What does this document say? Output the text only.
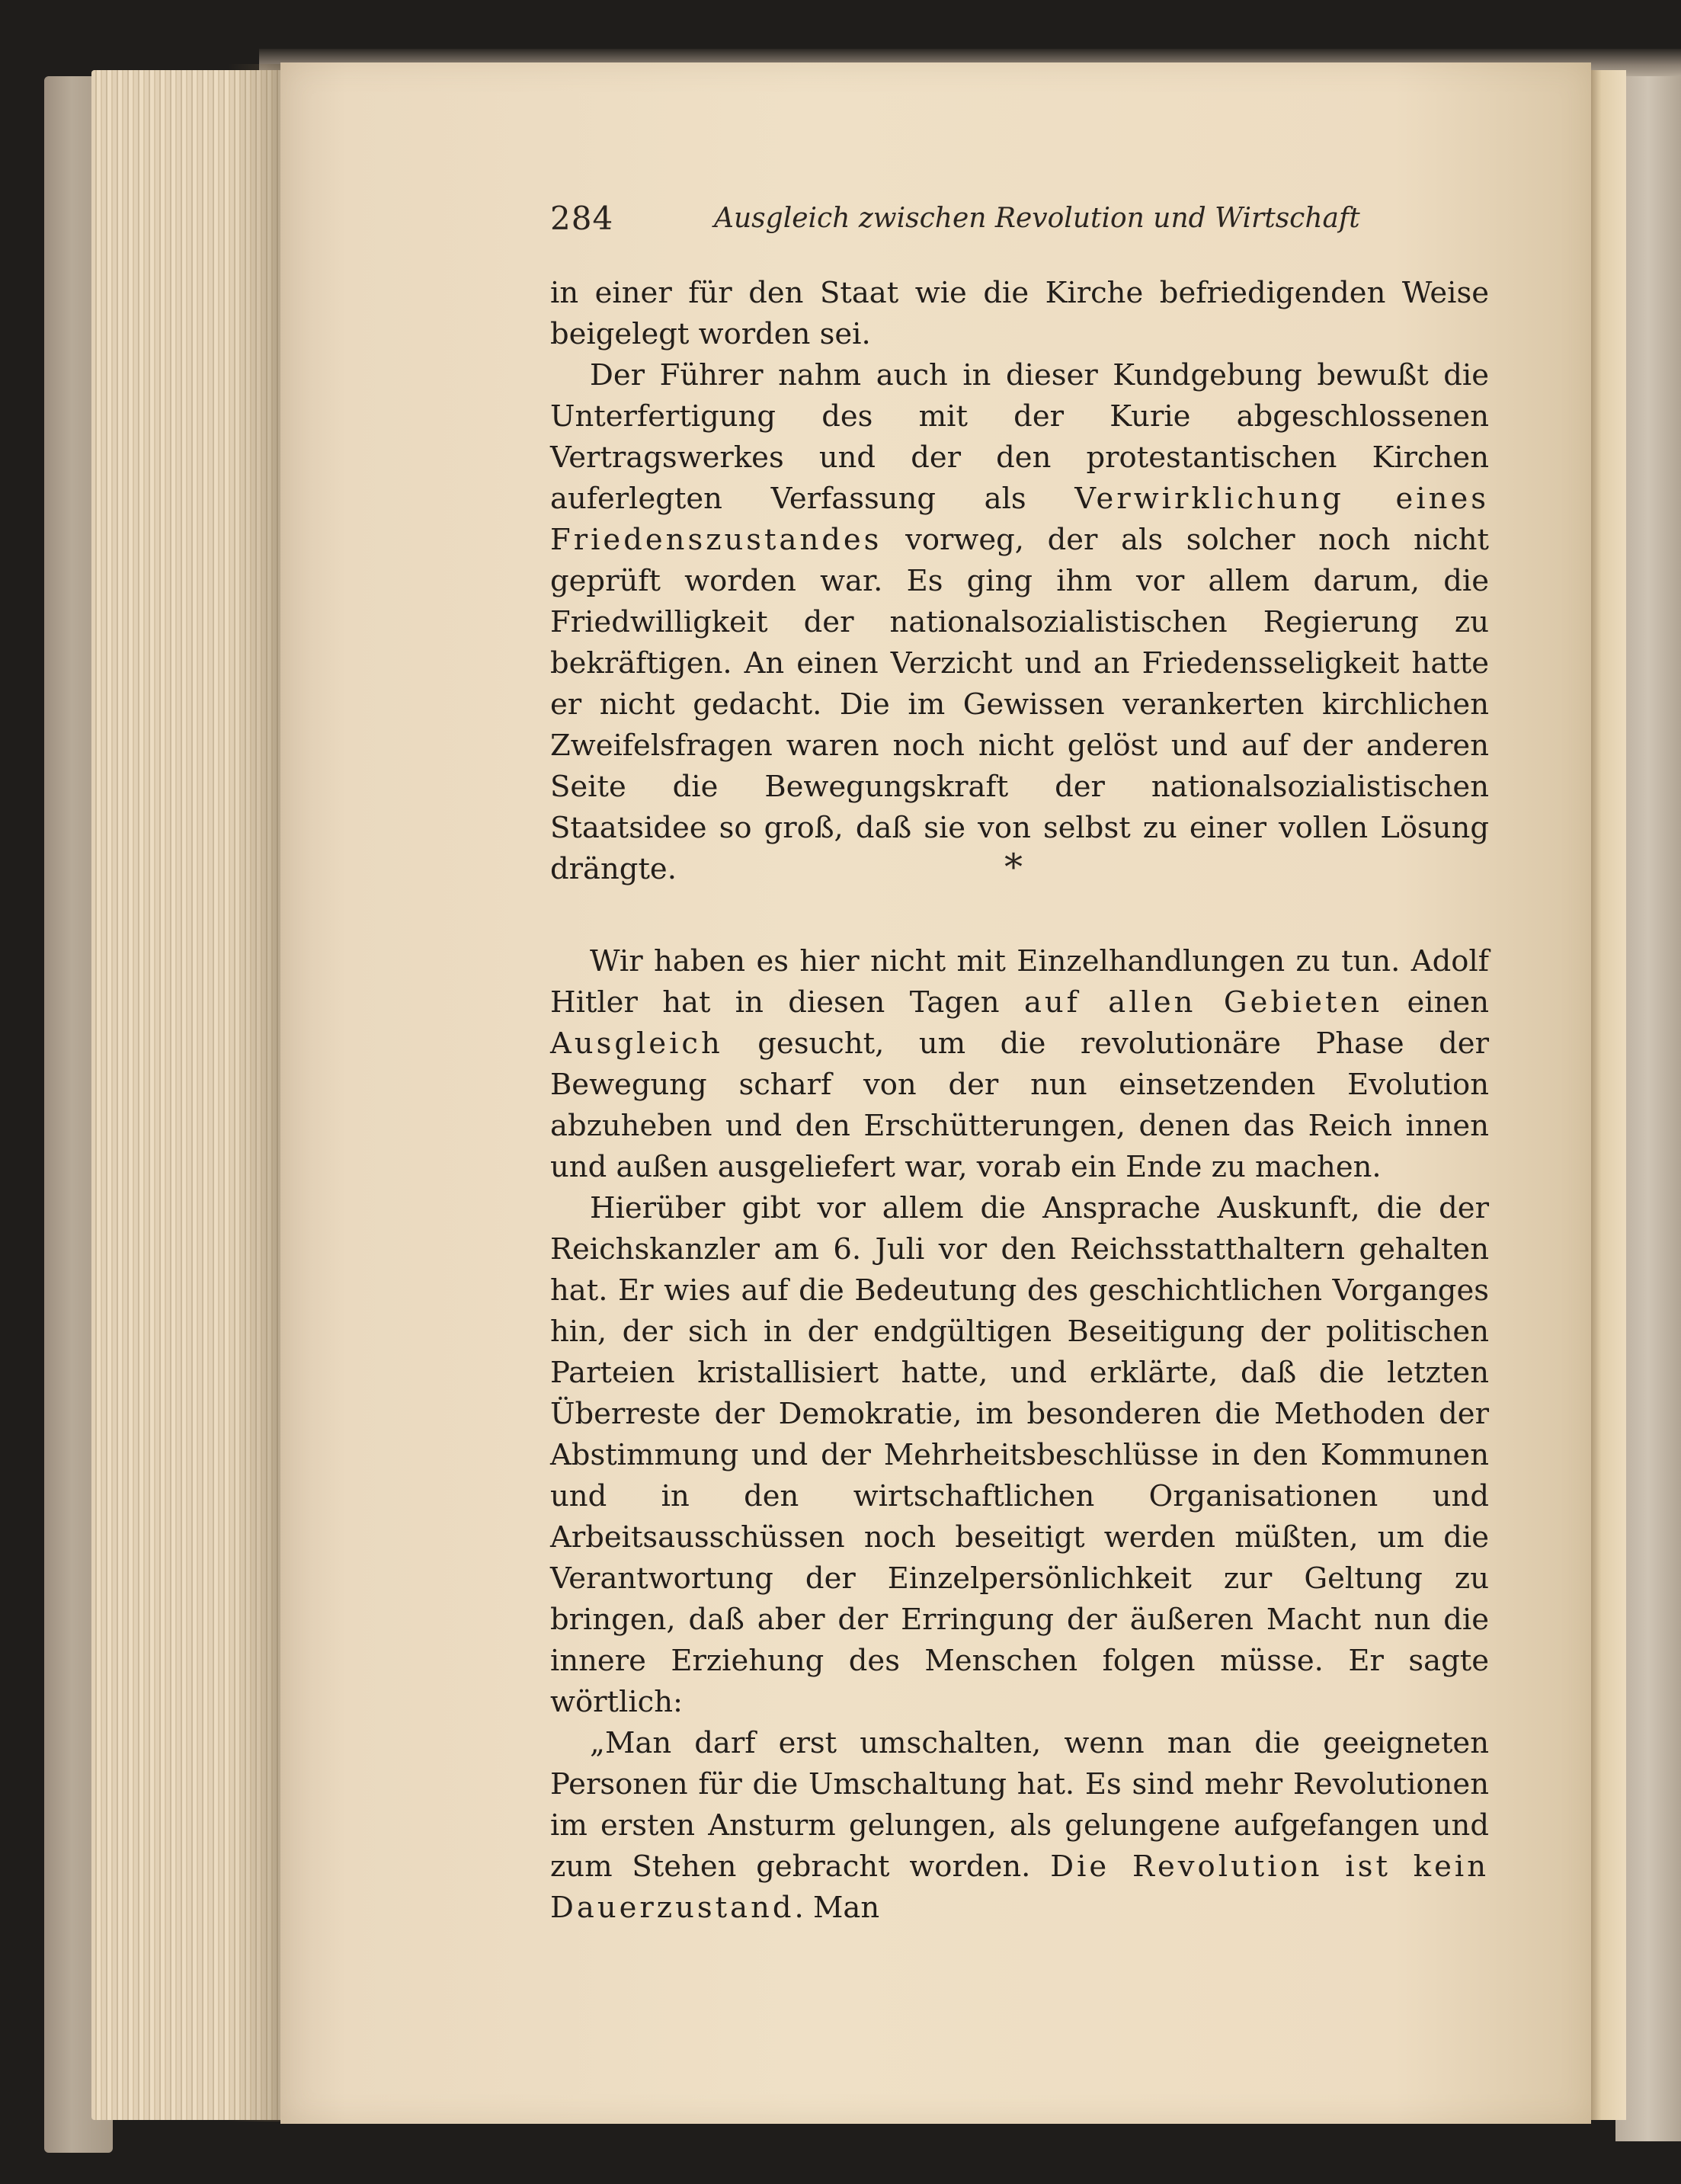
284	Ausgleich zwischen Revolution und Wirtschaft

in einer für den Staat wie die Kirche befriedigenden Weise beigelegt worden sei.

Der Führer nahm auch in dieser Kundgebung bewußt die Unterfertigung des mit der Kurie abgeschlossenen Vertragswerkes und der den protestantischen Kirchen auferlegten Verfassung als Verwirklichung eines Friedenszustandes vorweg, der als solcher noch nicht geprüft worden war. Es ging ihm vor allem darum, die Friedwilligkeit der nationalsozialistischen Regierung zu bekräftigen. An einen Verzicht und an Friedensseligkeit hatte er nicht gedacht. Die im Gewissen verankerten kirchlichen Zweifelsfragen waren noch nicht gelöst und auf der anderen Seite die Bewegungskraft der nationalsozialistischen Staatsidee so groß, daß sie von selbst zu einer vollen Lösung drängte.	*

Wir haben es hier nicht mit Einzelhandlungen zu tun. Adolf Hitler hat in diesen Tagen auf allen Gebieten einen Ausgleich gesucht, um die revolutionäre Phase der Bewegung scharf von der nun einsetzenden Evolution abzuheben und den Erschütterungen, denen das Reich innen und außen ausgeliefert war, vorab ein Ende zu machen.

Hierüber gibt vor allem die Ansprache Auskunft, die der Reichskanzler am 6. Juli vor den Reichsstatthaltern gehalten hat. Er wies auf die Bedeutung des geschichtlichen Vorganges hin, der sich in der endgültigen Beseitigung der politischen Parteien kristallisiert hatte, und erklärte, daß die letzten Überreste der Demokratie, im besonderen die Methoden der Abstimmung und der Mehrheitsbeschlüsse in den Kommunen und in den wirtschaftlichen Organisationen und Arbeitsausschüssen noch beseitigt werden müßten, um die Verantwortung der Einzelpersönlichkeit zur Geltung zu bringen, daß aber der Erringung der äußeren Macht nun die innere Erziehung des Menschen folgen müsse. Er sagte wörtlich:

„Man darf erst umschalten, wenn man die geeigneten Personen für die Umschaltung hat. Es sind mehr Revolutionen im ersten Ansturm gelungen, als gelungene aufgefangen und zum Stehen gebracht worden. Die Revolution ist kein Dauerzustand. Man
